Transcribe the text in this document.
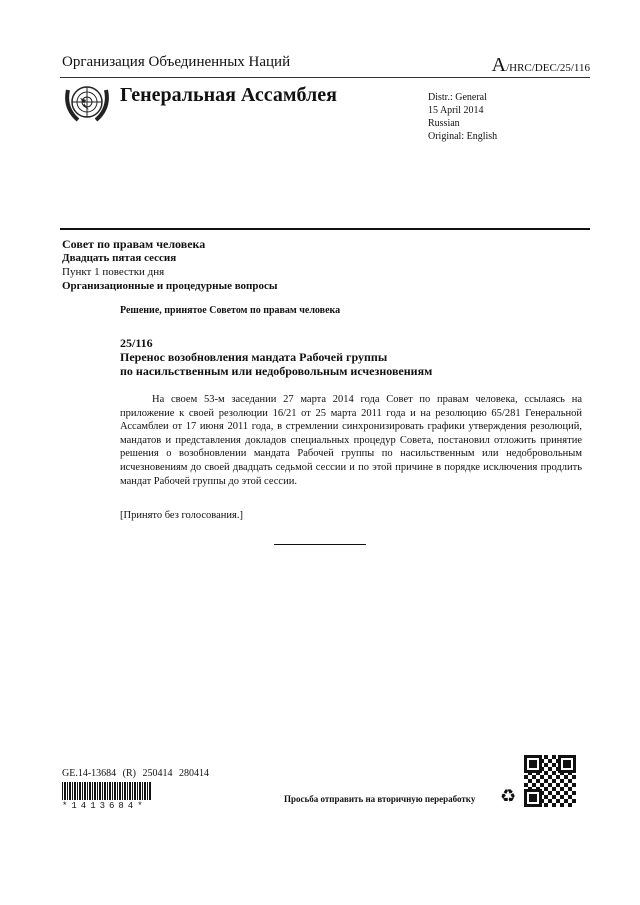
Организация Объединенных Наций	A/HRC/DEC/25/116
Генеральная Ассамблея	Distr.: General
15 April 2014
Russian
Original: English
Совет по правам человека
Двадцать пятая сессия
Пункт 1 повестки дня
Организационные и процедурные вопросы
Решение, принятое Советом по правам человека
25/116
Перенос возобновления мандата Рабочей группы
по насильственным или недобровольным исчезновениям
На своем 53-м заседании 27 марта 2014 года Совет по правам человека, ссылаясь на приложение к своей резолюции 16/21 от 25 марта 2011 года и на резолюцию 65/281 Генеральной Ассамблеи от 17 июня 2011 года, в стремлении синхронизировать графики утверждения резолюций, мандатов и представления докладов специальных процедур Совета, постановил отложить принятие решения о возобновлении мандата Рабочей группы по насильственным или недобровольным исчезновениям до своей двадцать седьмой сессии и по этой причине в порядке исключения продлить мандат Рабочей группы до этой сессии.
[Принято без голосования.]
GE.14-13684 (R) 250414 280414
*1413684*
Просьба отправить на вторичную переработку ♻
